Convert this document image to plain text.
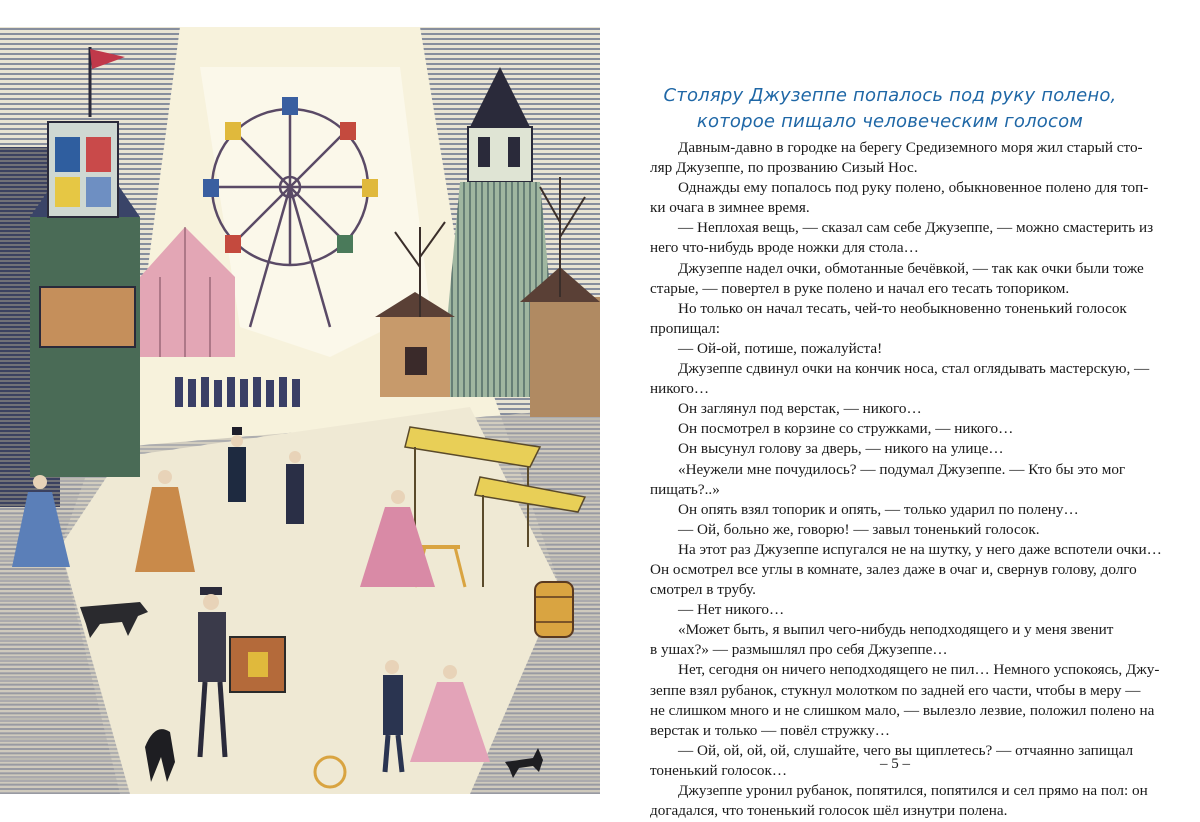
Столяру Джузеппе попалось под руку полено,
которое пищало человеческим голосом

Давным-давно в городке на берегу Средиземного моря жил старый сто-

ляр Джузеппе, по прозванию Сизый Нос.

Однажды ему попалось под руку полено, обыкновенное полено для топ-

ки очага в зимнее время.

— Неплохая вещь, — сказал сам себе Джузеппе, — можно смастерить из

него что-нибудь вроде ножки для стола…

Джузеппе надел очки, обмотанные бечёвкой, — так как очки были тоже

старые, — повертел в руке полено и начал его тесать топориком.

Но только он начал тесать, чей-то необыкновенно тоненький голосок

пропищал:

— Ой-ой, потише, пожалуйста!

Джузеппе сдвинул очки на кончик носа, стал оглядывать мастерскую, —

никого…

Он заглянул под верстак, — никого…

Он посмотрел в корзине со стружками, — никого…

Он высунул голову за дверь, — никого на улице…

«Неужели мне почудилось? — подумал Джузеппе. — Кто бы это мог

пищать?..»

Он опять взял топорик и опять, — только ударил по полену…

— Ой, больно же, говорю! — завыл тоненький голосок.

На этот раз Джузеппе испугался не на шутку, у него даже вспотели очки…

Он осмотрел все углы в комнате, залез даже в очаг и, свернув голову, долго

смотрел в трубу.

— Нет никого…

«Может быть, я выпил чего-нибудь неподходящего и у меня звенит

в ушах?» — размышлял про себя Джузеппе…

Нет, сегодня он ничего неподходящего не пил… Немного успокоясь, Джу-

зеппе взял рубанок, стукнул молотком по задней его части, чтобы в меру —

не слишком много и не слишком мало, — вылезло лезвие, положил полено на

верстак и только — повёл стружку…

— Ой, ой, ой, ой, слушайте, чего вы щиплетесь? — отчаянно запищал

тоненький голосок…

Джузеппе уронил рубанок, попятился, попятился и сел прямо на пол: он

догадался, что тоненький голосок шёл изнутри полена.

– 5 –
